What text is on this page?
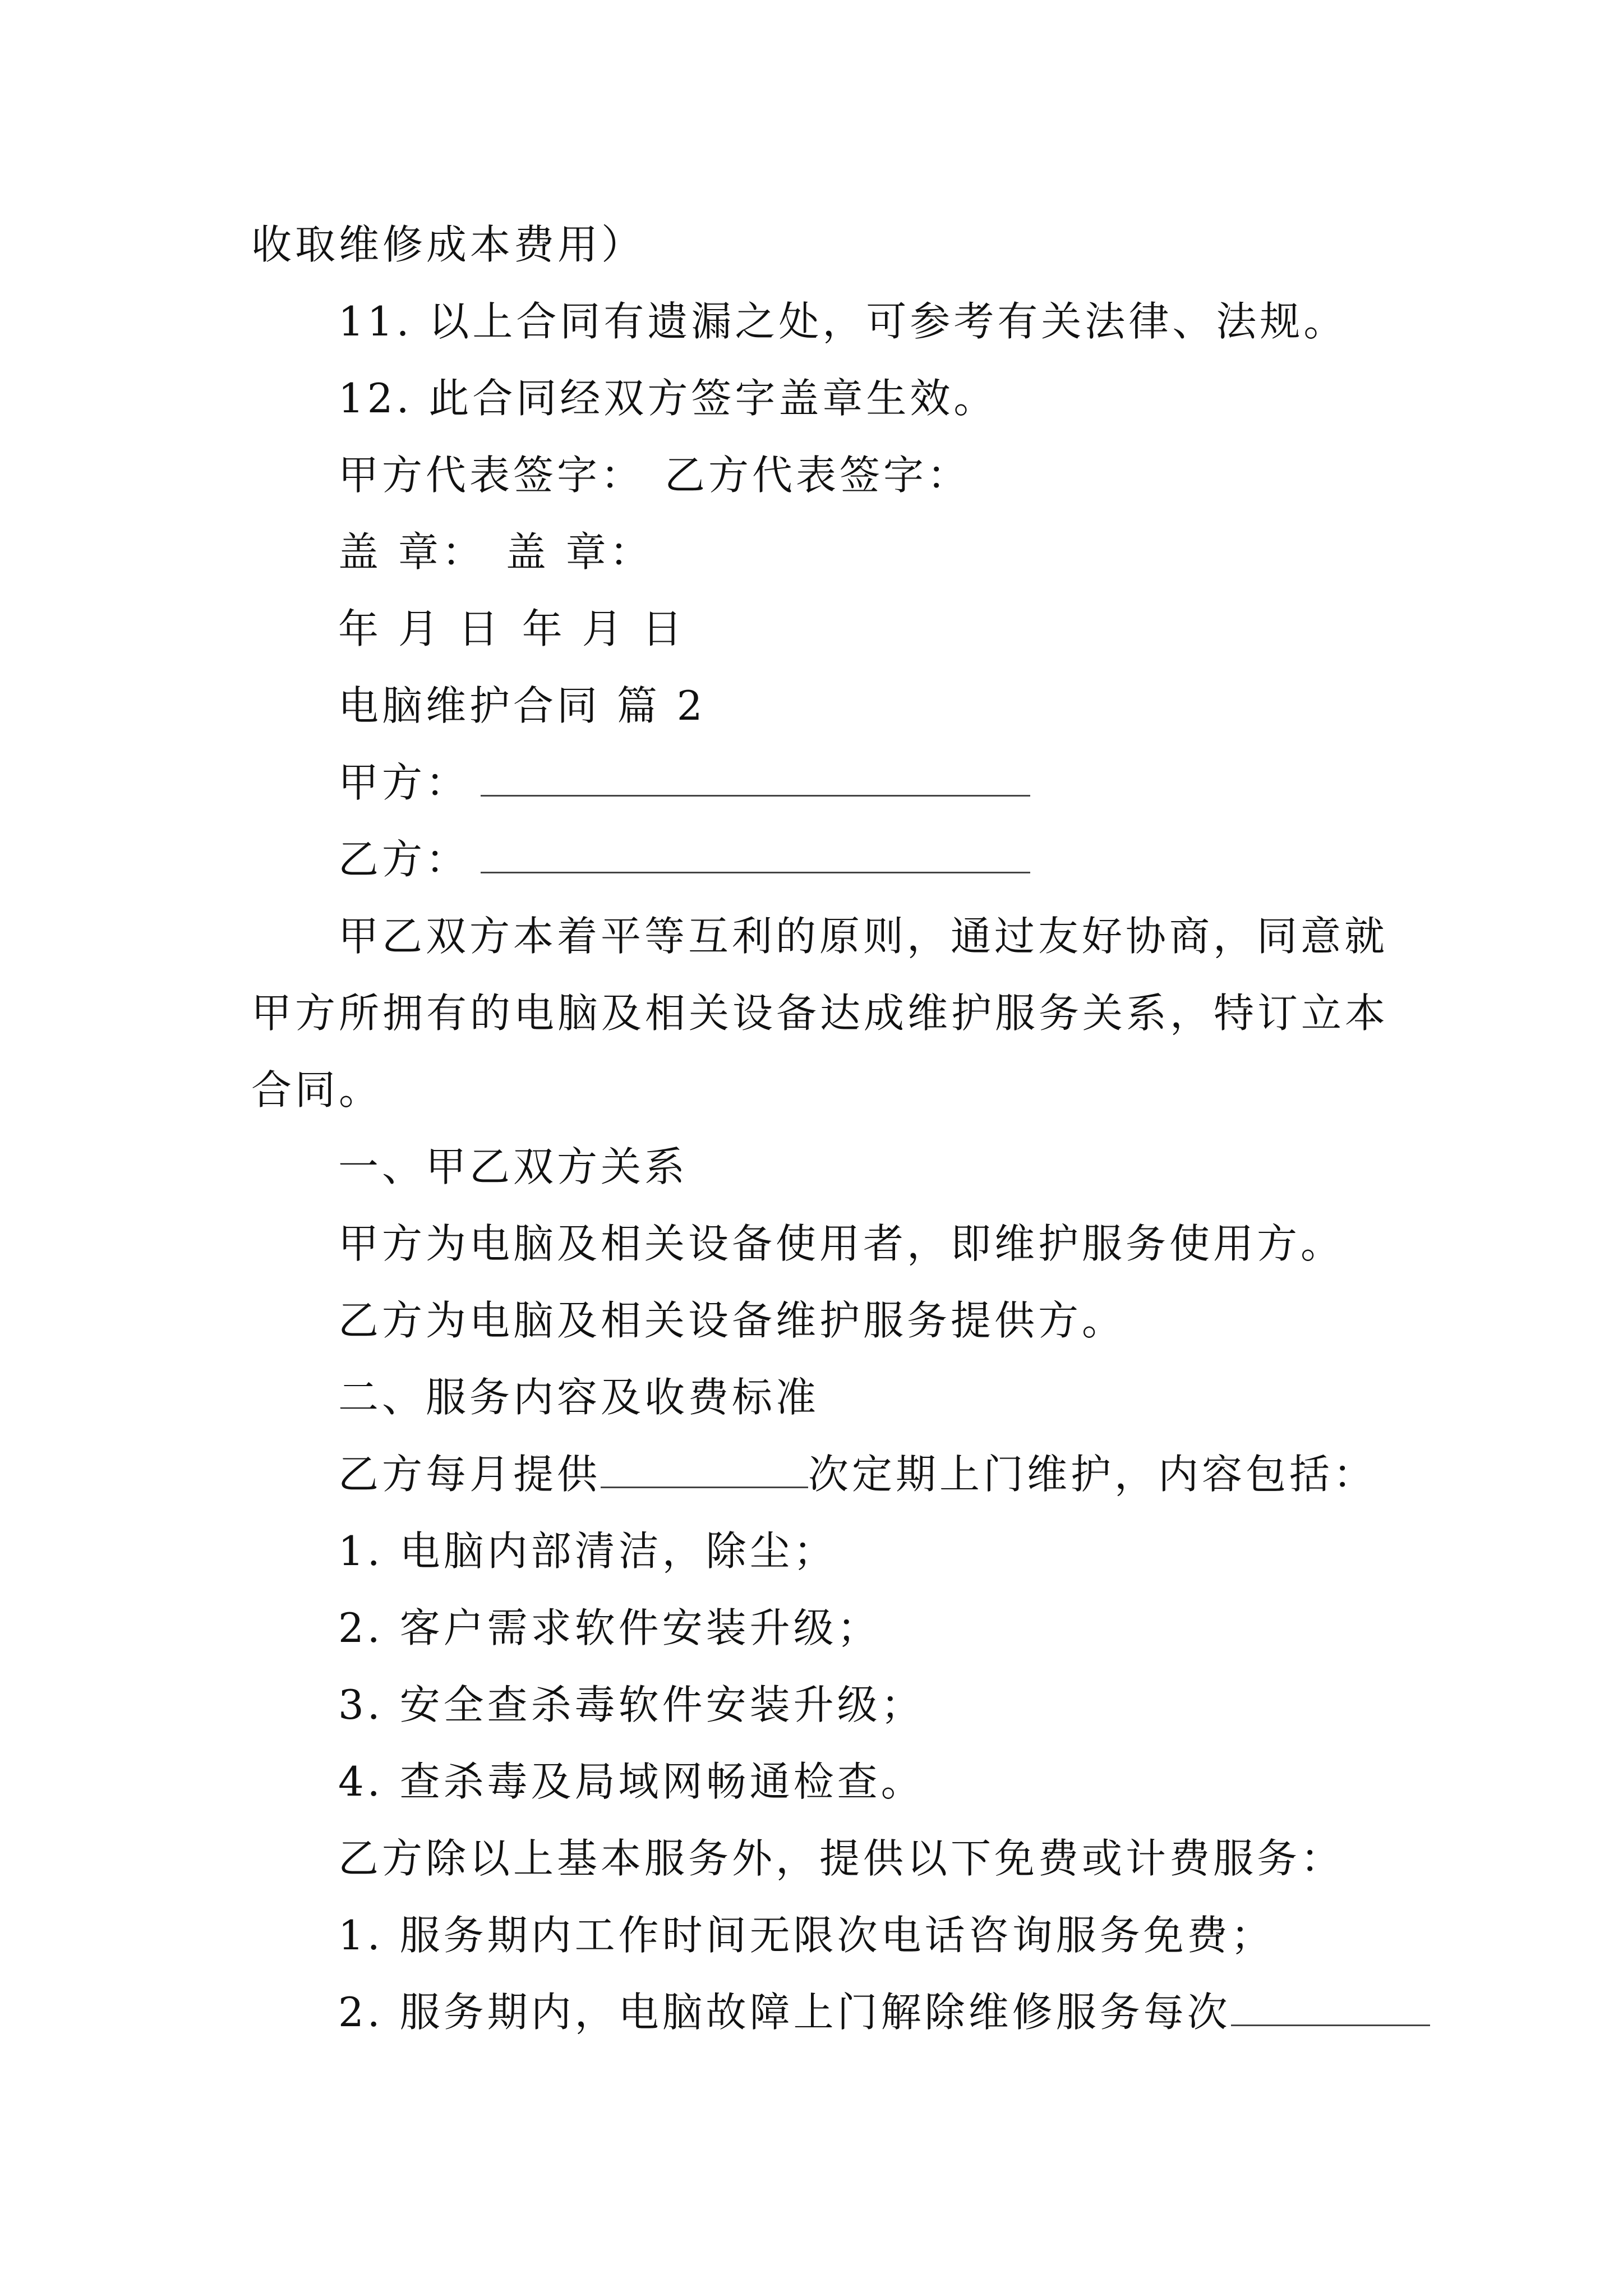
收取维修成本费用）
11. 以上合同有遗漏之处，可参考有关法律、法规。
12. 此合同经双方签字盖章生效。
甲方代表签字： 乙方代表签字：
盖 章： 盖 章：
年 月 日 年 月 日
电脑维护合同 篇 2
甲方：
乙方：
甲乙双方本着平等互利的原则，通过友好协商，同意就
甲方所拥有的电脑及相关设备达成维护服务关系，特订立本
合同。
一、甲乙双方关系
甲方为电脑及相关设备使用者，即维护服务使用方。
乙方为电脑及相关设备维护服务提供方。
二、服务内容及收费标准
乙方每月提供	次定期上门维护，内容包括：
1. 电脑内部清洁，除尘；
2. 客户需求软件安装升级；
3. 安全查杀毒软件安装升级；
4. 查杀毒及局域网畅通检查。
乙方除以上基本服务外，提供以下免费或计费服务：
1. 服务期内工作时间无限次电话咨询服务免费；
2. 服务期内，电脑故障上门解除维修服务每次
